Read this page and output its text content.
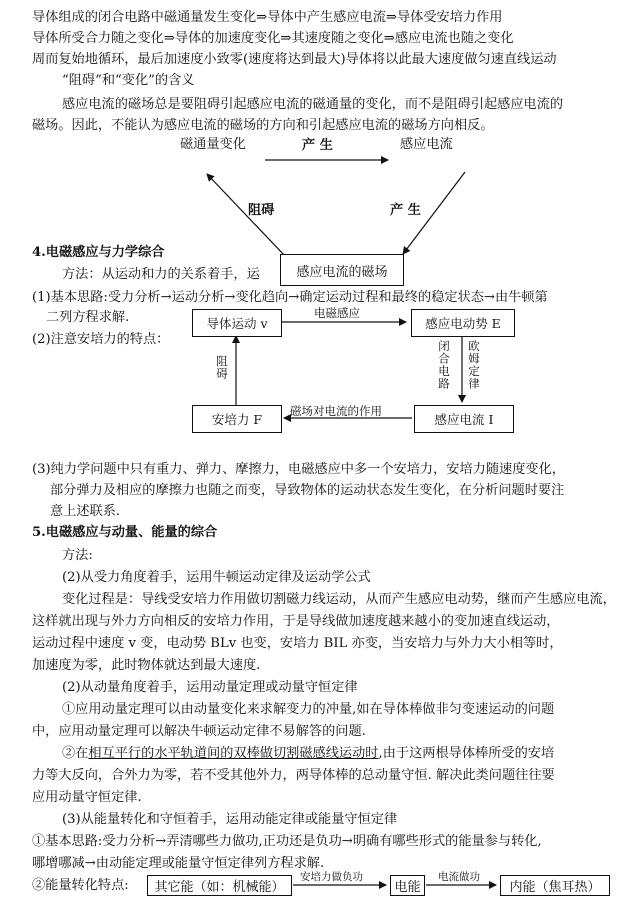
导体组成的闭合电路中磁通量发生变化⇒导体中产生感应电流⇒导体受安培力作用
导体所受合力随之变化⇒导体的加速度变化⇒其速度随之变化⇒感应电流也随之变化
周而复始地循环，最后加速度小致零(速度将达到最大)导体将以此最大速度做匀速直线运动
“阻碍”和“变化”的含义
感应电流的磁场总是要阻碍引起感应电流的磁通量的变化，而不是阻碍引起感应电流的
磁场。因此，不能认为感应电流的磁场的方向和引起感应电流的磁场方向相反。
磁通量变化	产 生	感应电流
阻碍	产 生
4.电磁感应与力学综合
方法：从运动和力的关系着手，运	感应电流的磁场
(1)基本思路:受力分析→运动分析→变化趋向→确定运动过程和最终的稳定状态→由牛顿第
二列方程求解.
(2)注意安培力的特点：
导体运动 v
电磁感应
感应电动势 E
阻碍	闭合电路 欧姆定律
安培力 F
磁场对电流的作用
感应电流 I
(3)纯力学问题中只有重力、弹力、摩擦力，电磁感应中多一个安培力，安培力随速度变化，
部分弹力及相应的摩擦力也随之而变，导致物体的运动状态发生变化，在分析问题时要注
意上述联系.
5.电磁感应与动量、能量的综合
方法:
(2)从受力角度着手，运用牛顿运动定律及运动学公式
变化过程是：导线受安培力作用做切割磁力线运动，从而产生感应电动势，继而产生感应电流，
这样就出现与外力方向相反的安培力作用，于是导线做加速度越来越小的变加速直线运动，
运动过程中速度 v 变，电动势 BLv 也变，安培力 BIL 亦变，当安培力与外力大小相等时，
加速度为零，此时物体就达到最大速度.
(2)从动量角度着手，运用动量定理或动量守恒定律
①应用动量定理可以由动量变化来求解变力的冲量,如在导体棒做非匀变速运动的问题
中，应用动量定理可以解决牛顿运动定律不易解答的问题.
②在相互平行的水平轨道间的双棒做切割磁感线运动时,由于这两根导体棒所受的安培
力等大反向，合外力为零，若不受其他外力，两导体棒的总动量守恒. 解决此类问题往往要
应用动量守恒定律.
(3)从能量转化和守恒着手，运用动能定律或能量守恒定律
①基本思路:受力分析→弄清哪些力做功,正功还是负功→明确有哪些形式的能量参与转化,
哪增哪减→由动能定理或能量守恒定律列方程求解.
②能量转化特点: 其它能（如：机械能）
安培力做负功
电能
电流做功
内能（焦耳热）
